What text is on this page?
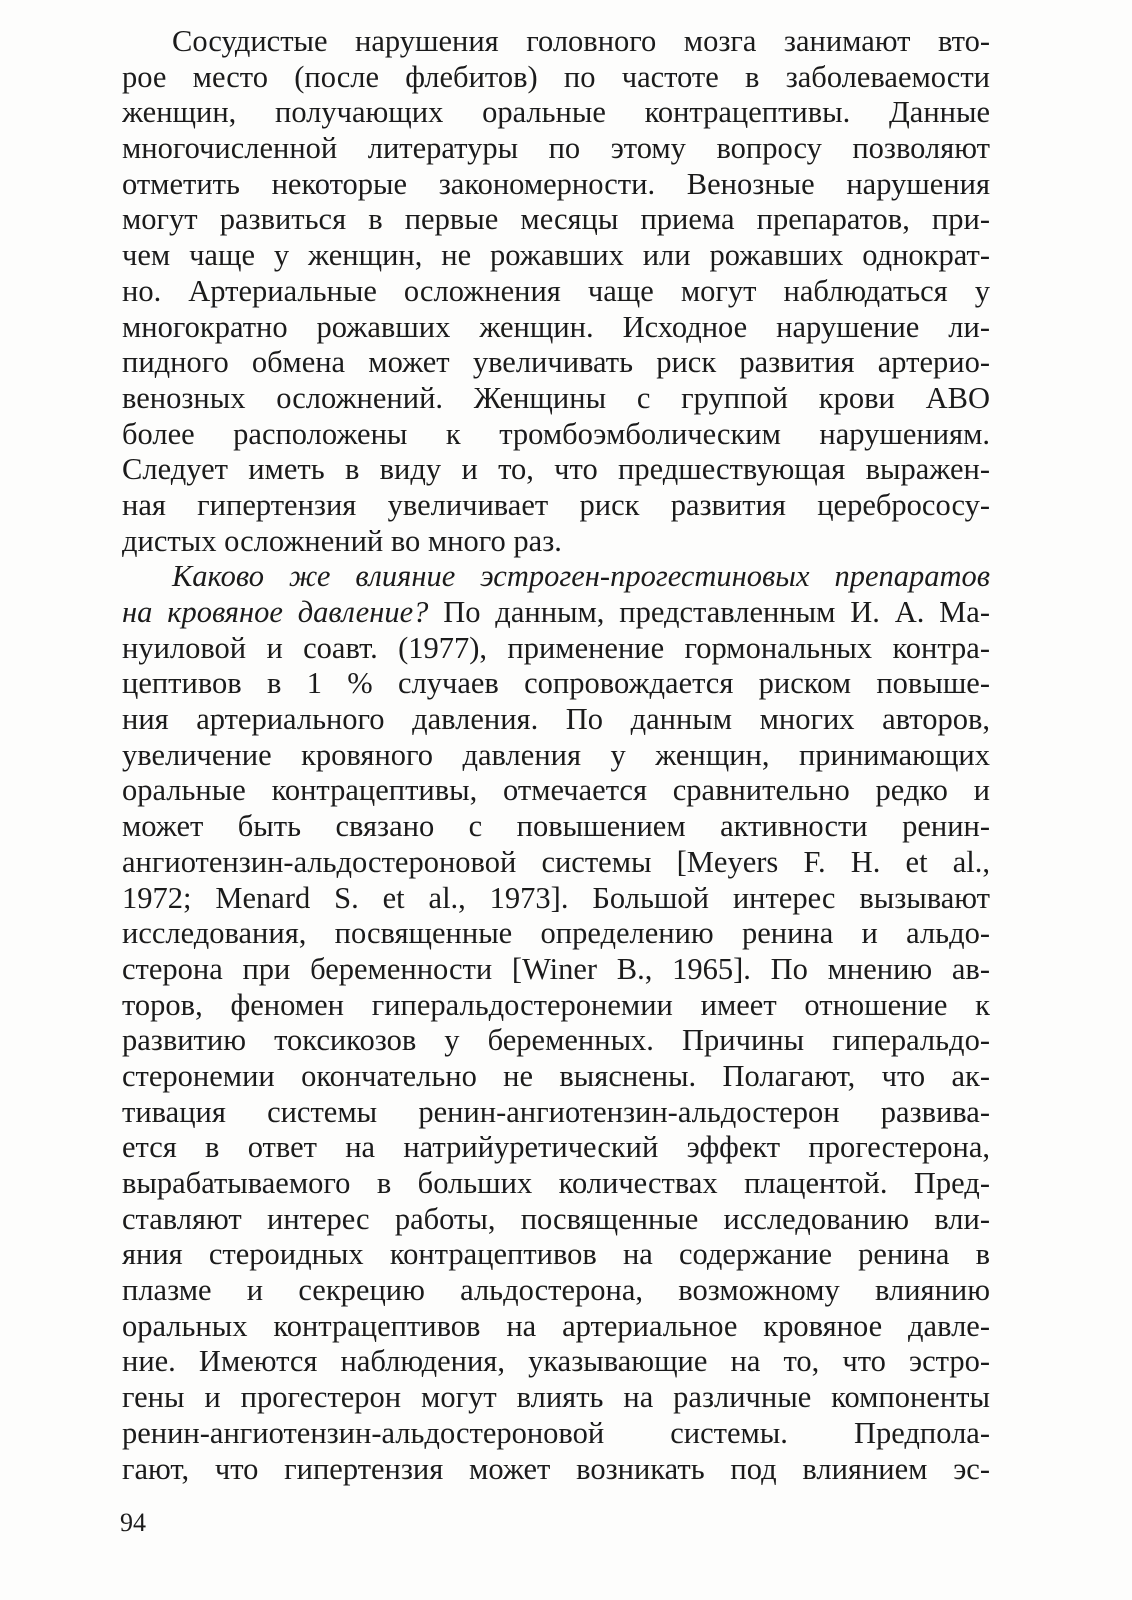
Сосудистые нарушения головного мозга занимают вто-
рое место (после флебитов) по частоте в заболеваемости
женщин, получающих оральные контрацептивы. Данные
многочисленной литературы по этому вопросу позволяют
отметить некоторые закономерности. Венозные нарушения
могут развиться в первые месяцы приема препаратов, при-
чем чаще у женщин, не рожавших или рожавших однократ-
но. Артериальные осложнения чаще могут наблюдаться у
многократно рожавших женщин. Исходное нарушение ли-
пидного обмена может увеличивать риск развития артерио-
венозных осложнений. Женщины с группой крови АВО
более расположены к тромбоэмболическим нарушениям.
Следует иметь в виду и то, что предшествующая выражен-
ная гипертензия увеличивает риск развития цереброcосу-
дистых осложнений во много раз.
Каково же влияние эстроген-прогестиновых препаратов
на кровяное давление? По данным, представленным И. А. Ма-
нуиловой и соавт. (1977), применение гормональных контра-
цептивов в 1 % случаев сопровождается риском повыше-
ния артериального давления. По данным многих авторов,
увеличение кровяного давления у женщин, принимающих
оральные контрацептивы, отмечается сравнительно редко и
может быть связано с повышением активности ренин-
ангиотензин-альдостероновой системы [Meyers F. H. et al.,
1972; Menard S. et al., 1973]. Большой интерес вызывают
исследования, посвященные определению ренина и альдо-
стерона при беременности [Winer B., 1965]. По мнению ав-
торов, феномен гиперальдостеронемии имеет отношение к
развитию токсикозов у беременных. Причины гиперальдо-
стеронемии окончательно не выяснены. Полагают, что ак-
тивация системы ренин-ангиотензин-альдостерон развива-
ется в ответ на натрийуретический эффект прогестерона,
вырабатываемого в больших количествах плацентой. Пред-
ставляют интерес работы, посвященные исследованию вли-
яния стероидных контрацептивов на содержание ренина в
плазме и секрецию альдостерона, возможному влиянию
оральных контрацептивов на артериальное кровяное давле-
ние. Имеются наблюдения, указывающие на то, что эстро-
гены и прогестерон могут влиять на различные компоненты
ренин-ангиотензин-альдостероновой системы. Предпола-
гают, что гипертензия может возникать под влиянием эс-
94
